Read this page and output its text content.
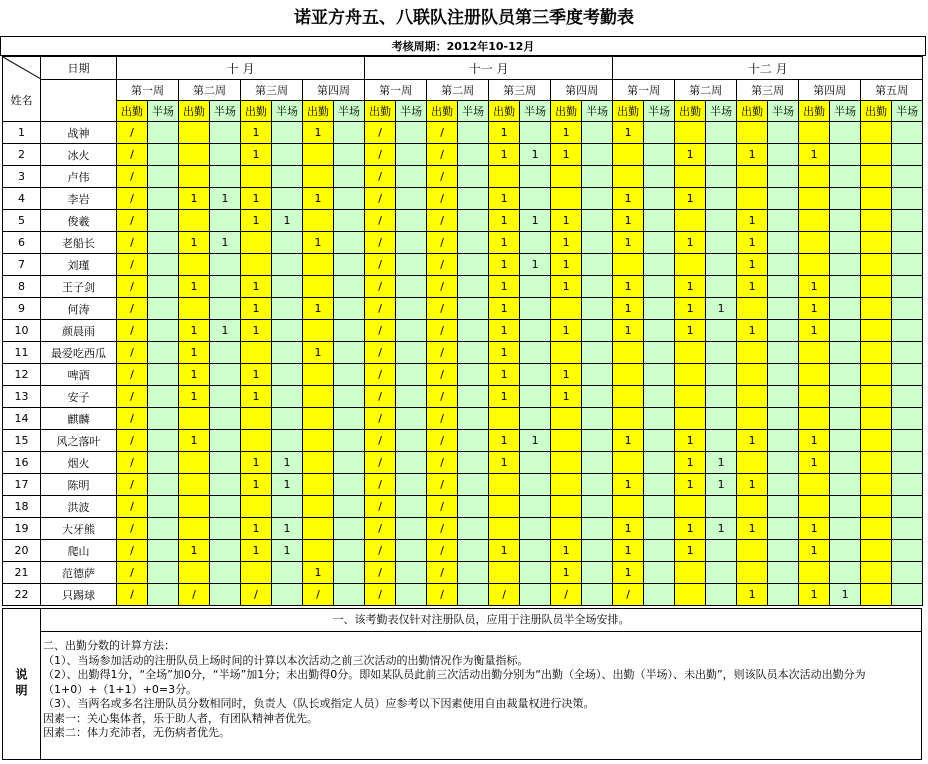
诺亚方舟五、八联队注册队员第三季度考勤表
考核周期：2012年10-12月
	日期	十 月								十一 月								十二 月										
姓名		第一周		第二周		第三周		第四周		第一周		第二周		第三周		第四周		第一周		第二周		第三周		第四周		第五周		
		出勤	半场	出勤	半场	出勤	半场	出勤	半场	出勤	半场	出勤	半场	出勤	半场	出勤	半场	出勤	半场	出勤	半场	出勤	半场	出勤	半场	出勤	半场	
1	战神	/				1		1		/		/		1		1		1										
2	冰火	/				1				/		/		1	1	1				1		1		1				
3	卢伟	/								/		/																
4	李岩	/		1	1	1		1		/		/		1				1		1								
5	俊羲	/				1	1			/		/		1	1	1		1				1						
6	老船长	/		1	1			1		/		/		1		1		1		1		1						
7	刘瑾	/								/		/		1	1	1						1						
8	王子剑	/		1		1				/		/		1		1		1		1		1		1				
9	何涛	/				1		1		/		/		1				1		1	1			1				
10	颜晨雨	/		1	1	1				/		/		1		1		1		1		1		1				
11	最爱吃西瓜	/		1				1		/		/		1														
12	啤酒	/		1		1				/		/		1		1												
13	安子	/		1		1				/		/		1		1												
14	麒麟	/								/		/																
15	风之落叶	/		1						/		/		1	1			1		1		1		1				
16	烟火	/				1	1			/		/		1						1	1			1				
17	陈明	/				1	1			/		/						1		1	1	1						
18	洪波	/								/		/																
19	大牙熊	/				1	1			/		/						1		1	1	1		1				
20	爬山	/		1		1	1			/		/		1		1		1		1				1				
21	范德萨	/						1		/		/				1		1										
22	只踢球	/		/		/		/		/		/		/		/		/				1		1	1			
说明
一、该考勤表仅针对注册队员，应用于注册队员半全场安排。
二、出勤分数的计算方法：
（1）、当场参加活动的注册队员上场时间的计算以本次活动之前三次活动的出勤情况作为衡量指标。
（2）、出勤得1分，“全场”加0分，“半场”加1分；未出勤得0分。即如某队员此前三次活动出勤分别为“出勤（全场）、出勤（半场）、未出勤”，则该队员本次活动出勤分为（1+0）+（1+1）+0=3分。
（3）、当两名或多名注册队员分数相同时，负责人（队长或指定人员）应参考以下因素使用自由裁量权进行决策。
因素一：关心集体者，乐于助人者，有团队精神者优先。
因素二：体力充沛者，无伤病者优先。
